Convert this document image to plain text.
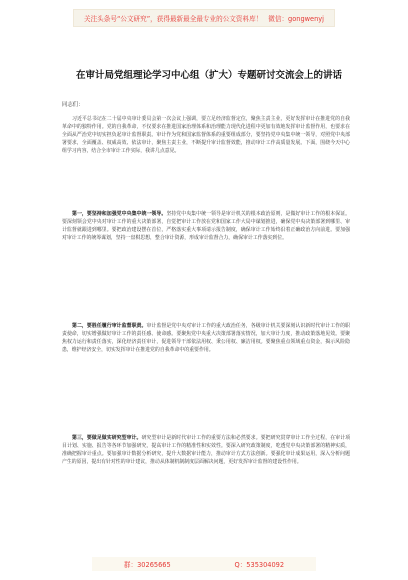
关注头条号“公文研究”，获得最新最全最专业的公文资料库！ 微信：gongwenyj
在审计局党组理论学习中心组（扩大）专题研讨交流会上的讲话
同志们：

习近平总书记在二十届中央审计委员会第一次会议上强调，要立足经济监督定位，聚焦主责主业，更好发挥审计在推进党的自我革命中的独特作用。党的自我革命，不仅要求在推进国家治理体系和治理能力现代化进程中更加有效地发挥审计监督作用，也要求在全面从严治党中切实担负起审计监督职责。审计作为党和国家监督体系的重要组成部分，要坚持党中央集中统一领导，对照党中央部署要求，全面覆盖、权威高效、依法审计，聚焦主责主业，不断提升审计监督效能，推动审计工作高质量发展。下面，围绕今天中心组学习内容，结合全市审计工作实际，我讲几点意见。

第一，要坚持和加强党中央集中统一领导。坚持党中央集中统一领导是审计机关的根本政治原则，是做好审计工作的根本保证。要深刻领会党中央对审计工作的重大决策部署，自觉把审计工作放在党和国家工作大局中谋划推进，确保党中央决策部署到哪里、审计监督就跟进到哪里。要把政治建设摆在首位，严格落实重大事项请示报告制度，确保审计工作始终沿着正确政治方向前进。要加强对审计工作的统筹谋划，坚持一盘棋思想，整合审计资源，形成审计监督合力，确保审计工作落实到位。

第二，要胜任履行审计监督职责。审计监督是党中央对审计工作的重大政治任务，各级审计机关要深刻认识新时代审计工作的职责使命，切实增强做好审计工作的责任感、使命感。要聚焦党中央重大决策部署落实情况，加大审计力度，推动政策落地见效。要聚焦权力运行和责任落实，深化经济责任审计，促进领导干部依法用权、秉公用权、廉洁用权。要聚焦重点领域重点资金，揭示风险隐患，维护经济安全，切实发挥审计在推进党的自我革命中的重要作用。

第三，要做足做实研究型审计。研究型审计是新时代审计工作的重要方法和必然要求。要把研究贯穿审计工作全过程，在审计项目计划、实施、报告等各环节加强研究，提高审计工作的精准性和实效性。要深入研究政策制度，吃透党中央决策部署的精神实质，准确把握审计重点。要加强审计数据分析研究，提升大数据审计能力，推动审计方式方法创新。要强化审计成果运用，深入分析问题产生的原因，提出有针对性的审计建议，推动从体制机制制度层面解决问题，更好发挥审计监督的建设性作用。

群：30265665	Q：535304092
